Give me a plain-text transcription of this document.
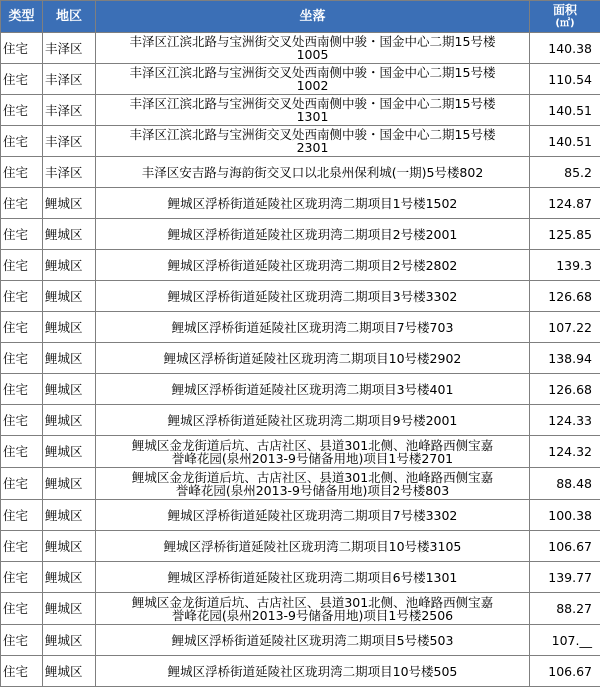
类型	地区	坐落	面积
(㎡)

住宅	丰泽区	丰泽区江滨北路与宝洲街交叉处西南侧中骏・国金中心二期15号楼
1005	140.38
住宅	丰泽区	丰泽区江滨北路与宝洲街交叉处西南侧中骏・国金中心二期15号楼
1002	110.54
住宅	丰泽区	丰泽区江滨北路与宝洲街交叉处西南侧中骏・国金中心二期15号楼
1301	140.51
住宅	丰泽区	丰泽区江滨北路与宝洲街交叉处西南侧中骏・国金中心二期15号楼
2301	140.51
住宅	丰泽区	丰泽区安吉路与海韵街交叉口以北泉州保利城(一期)5号楼802	85.2
住宅	鲤城区	鲤城区浮桥街道延陵社区珑玥湾二期项目1号楼1502	124.87
住宅	鲤城区	鲤城区浮桥街道延陵社区珑玥湾二期项目2号楼2001	125.85
住宅	鲤城区	鲤城区浮桥街道延陵社区珑玥湾二期项目2号楼2802	139.3
住宅	鲤城区	鲤城区浮桥街道延陵社区珑玥湾二期项目3号楼3302	126.68
住宅	鲤城区	鲤城区浮桥街道延陵社区珑玥湾二期项目7号楼703	107.22
住宅	鲤城区	鲤城区浮桥街道延陵社区珑玥湾二期项目10号楼2902	138.94
住宅	鲤城区	鲤城区浮桥街道延陵社区珑玥湾二期项目3号楼401	126.68
住宅	鲤城区	鲤城区浮桥街道延陵社区珑玥湾二期项目9号楼2001	124.33
住宅	鲤城区	鲤城区金龙街道后坑、古店社区、县道301北侧、池峰路西侧宝嘉
誉峰花园(泉州2013-9号储备用地)项目1号楼2701	124.32
住宅	鲤城区	鲤城区金龙街道后坑、古店社区、县道301北侧、池峰路西侧宝嘉
誉峰花园(泉州2013-9号储备用地)项目2号楼803	88.48
住宅	鲤城区	鲤城区浮桥街道延陵社区珑玥湾二期项目7号楼3302	100.38
住宅	鲤城区	鲤城区浮桥街道延陵社区珑玥湾二期项目10号楼3105	106.67
住宅	鲤城区	鲤城区浮桥街道延陵社区珑玥湾二期项目6号楼1301	139.77
住宅	鲤城区	鲤城区金龙街道后坑、古店社区、县道301北侧、池峰路西侧宝嘉
誉峰花园(泉州2013-9号储备用地)项目1号楼2506	88.27
住宅	鲤城区	鲤城区浮桥街道延陵社区珑玥湾二期项目5号楼503	107.__
住宅	鲤城区	鲤城区浮桥街道延陵社区珑玥湾二期项目10号楼505	106.67
